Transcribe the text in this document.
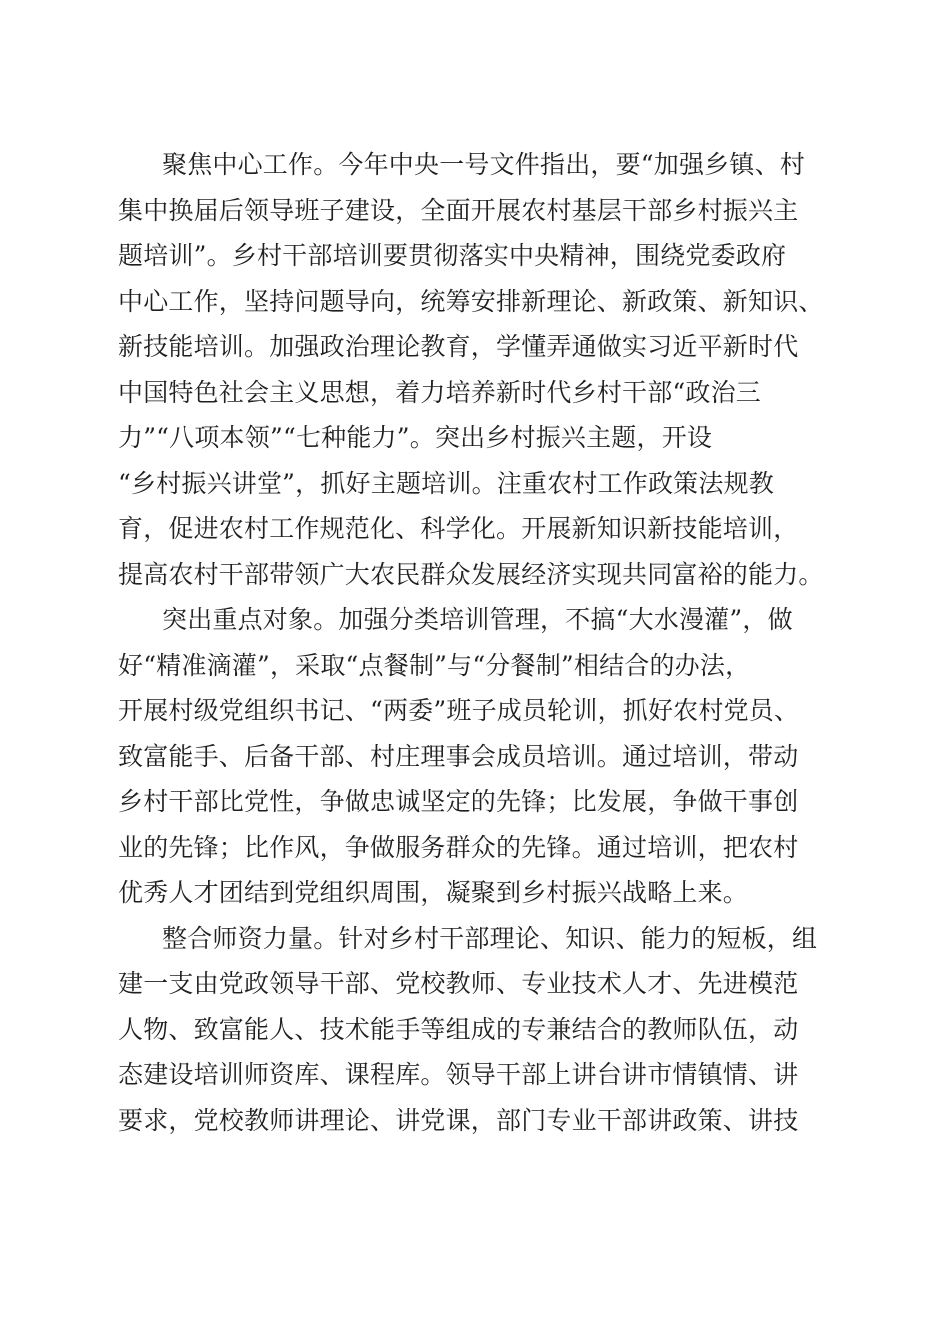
聚焦中心工作。今年中央一号文件指出，要“加强乡镇、村
集中换届后领导班子建设，全面开展农村基层干部乡村振兴主
题培训”。乡村干部培训要贯彻落实中央精神，围绕党委政府
中心工作，坚持问题导向，统筹安排新理论、新政策、新知识、
新技能培训。加强政治理论教育，学懂弄通做实习近平新时代
中国特色社会主义思想，着力培养新时代乡村干部“政治三
力”“八项本领”“七种能力”。突出乡村振兴主题，开设
“乡村振兴讲堂”，抓好主题培训。注重农村工作政策法规教
育，促进农村工作规范化、科学化。开展新知识新技能培训，
提高农村干部带领广大农民群众发展经济实现共同富裕的能力。
突出重点对象。加强分类培训管理，不搞“大水漫灌”，做
好“精准滴灌”，采取“点餐制”与“分餐制”相结合的办法，
开展村级党组织书记、“两委”班子成员轮训，抓好农村党员、
致富能手、后备干部、村庄理事会成员培训。通过培训，带动
乡村干部比党性，争做忠诚坚定的先锋；比发展，争做干事创
业的先锋；比作风，争做服务群众的先锋。通过培训，把农村
优秀人才团结到党组织周围，凝聚到乡村振兴战略上来。
整合师资力量。针对乡村干部理论、知识、能力的短板，组
建一支由党政领导干部、党校教师、专业技术人才、先进模范
人物、致富能人、技术能手等组成的专兼结合的教师队伍，动
态建设培训师资库、课程库。领导干部上讲台讲市情镇情、讲
要求，党校教师讲理论、讲党课，部门专业干部讲政策、讲技
